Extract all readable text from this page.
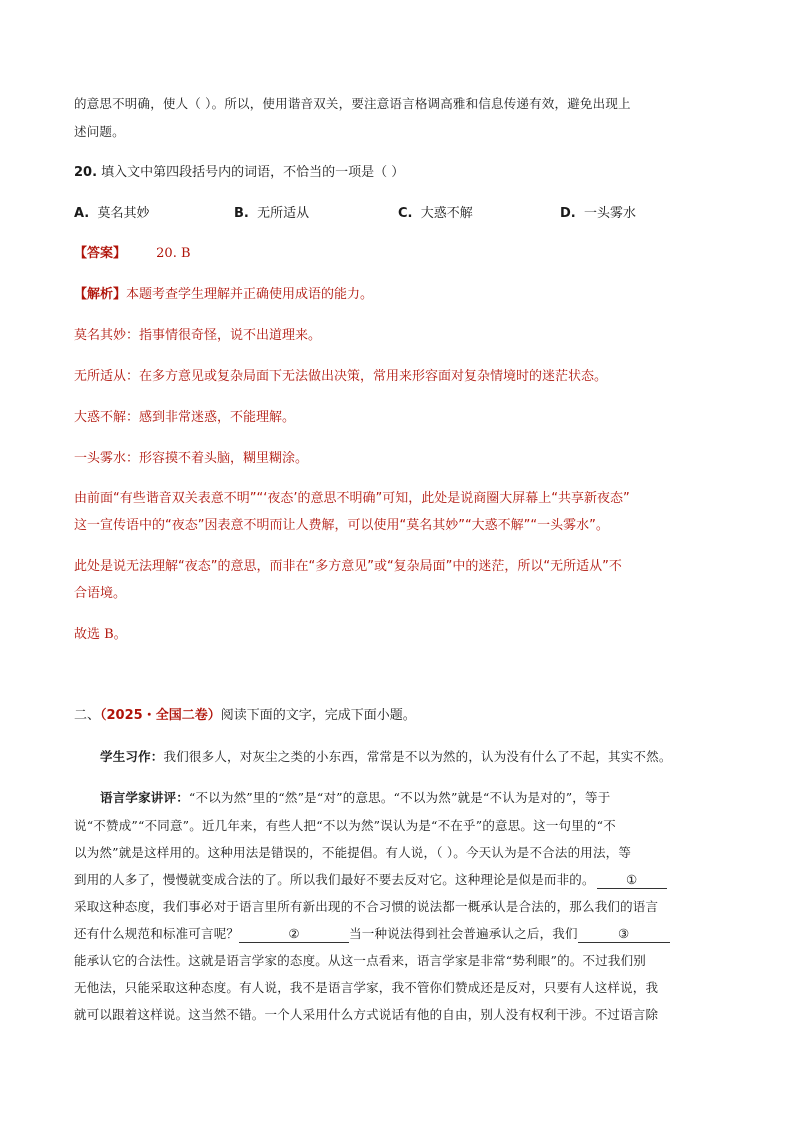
的意思不明确，使人（ ）。所以，使用谐音双关，要注意语言格调高雅和信息传递有效，避免出现上
述问题。
20. 填入文中第四段括号内的词语，不恰当的一项是（ ）
A. 莫名其妙	B. 无所适从	C. 大惑不解	D. 一头雾水
【答案】 20. B
【解析】本题考查学生理解并正确使用成语的能力。
莫名其妙：指事情很奇怪，说不出道理来。
无所适从：在多方意见或复杂局面下无法做出决策，常用来形容面对复杂情境时的迷茫状态。
大惑不解：感到非常迷惑，不能理解。
一头雾水：形容摸不着头脑，糊里糊涂。
由前面“有些谐音双关表意不明”“‘夜态’的意思不明确”可知，此处是说商圈大屏幕上“共享新夜态”
这一宣传语中的“夜态”因表意不明而让人费解，可以使用“莫名其妙”“大惑不解”“一头雾水”。
此处是说无法理解“夜态”的意思，而非在“多方意见”或“复杂局面”中的迷茫，所以“无所适从”不
合语境。
故选 B。
二、（2025・全国二卷）阅读下面的文字，完成下面小题。
学生习作：我们很多人，对灰尘之类的小东西，常常是不以为然的，认为没有什么了不起，其实不然。
语言学家讲评：“不以为然”里的“然”是“对”的意思。“不以为然”就是“不认为是对的”，等于
说“不赞成”“不同意”。近几年来，有些人把“不以为然”误认为是“不在乎”的意思。这一句里的“不
以为然”就是这样用的。这种用法是错误的，不能提倡。有人说，（ ）。今天认为是不合法的用法，等
到用的人多了，慢慢就变成合法的了。所以我们最好不要去反对它。这种理论是似是而非的。	①
采取这种态度，我们事必对于语言里所有新出现的不合习惯的说法都一概承认是合法的，那么我们的语言
还有什么规范和标准可言呢？	②	当一种说法得到社会普遍承认之后，我们	③
能承认它的合法性。这就是语言学家的态度。从这一点看来，语言学家是非常“势利眼”的。不过我们别
无他法，只能采取这种态度。有人说，我不是语言学家，我不管你们赞成还是反对，只要有人这样说，我
就可以跟着这样说。这当然不错。一个人采用什么方式说话有他的自由，别人没有权利干涉。不过语言除
